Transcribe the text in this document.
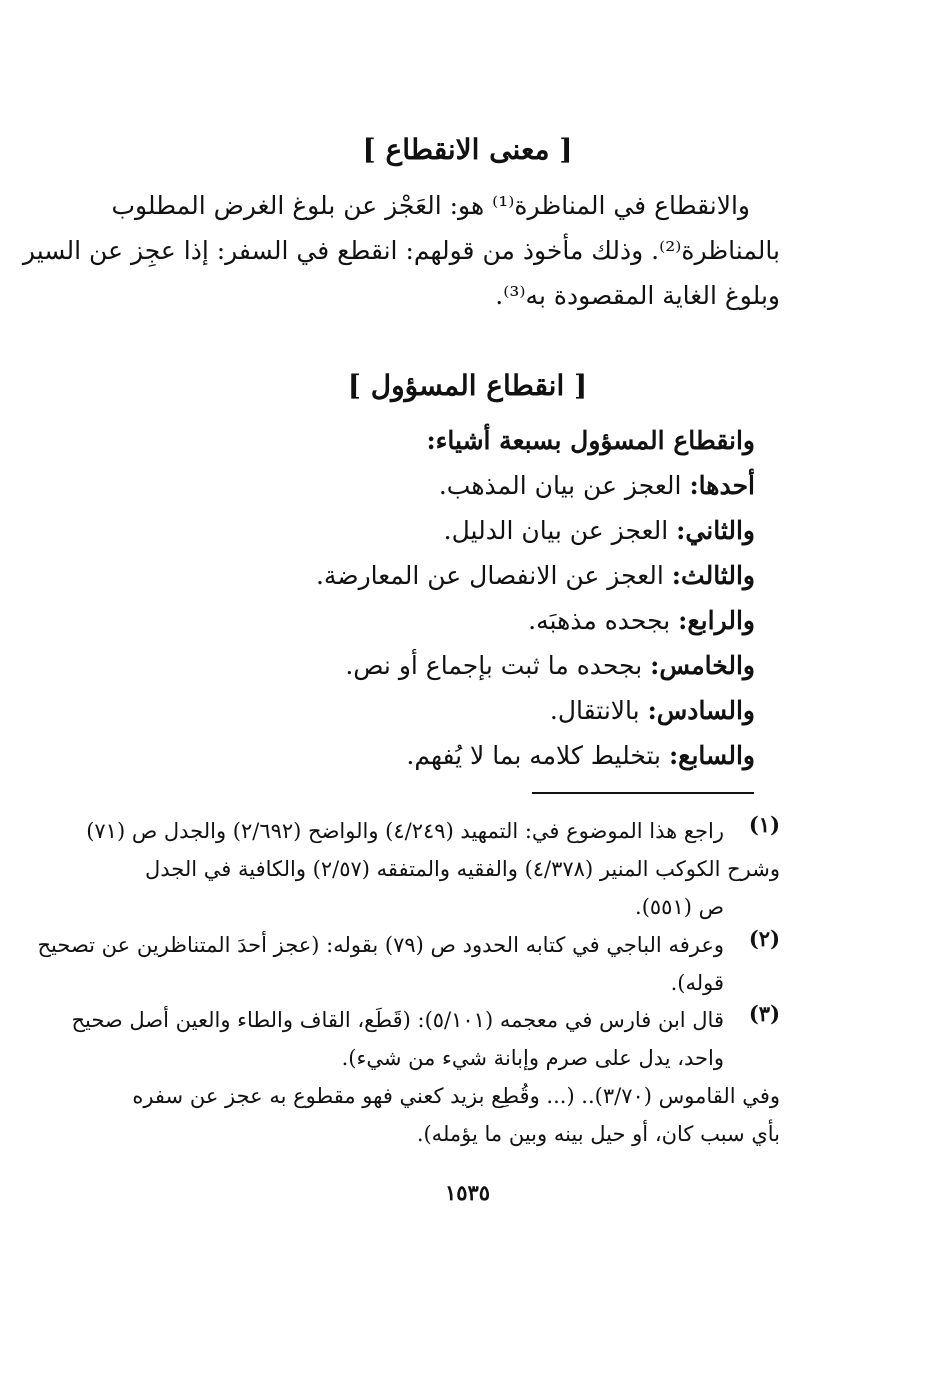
[ معنى الانقطاع ]
والانقطاع في المناظرة⁽¹⁾ هو: العَجْز عن بلوغ الغرض المطلوب
بالمناظرة⁽²⁾. وذلك مأخوذ من قولهم: انقطع في السفر: إذا عجِز عن السير
وبلوغ الغاية المقصودة به⁽³⁾.
[ انقطاع المسؤول ]
وانقطاع المسؤول بسبعة أشياء:
أحدها: العجز عن بيان المذهب.
والثاني: العجز عن بيان الدليل.
والثالث: العجز عن الانفصال عن المعارضة.
والرابع: بجحده مذهبَه.
والخامس: بجحده ما ثبت بإجماع أو نص.
والسادس: بالانتقال.
والسابع: بتخليط كلامه بما لا يُفهم.
(١)
راجع هذا الموضوع في: التمهيد (٤/٢٤٩) والواضح (٢/٦٩٢) والجدل ص (٧١)
وشرح الكوكب المنير (٤/٣٧٨) والفقيه والمتفقه (٢/٥٧) والكافية في الجدل
ص (٥٥١).
(٢)
وعرفه الباجي في كتابه الحدود ص (٧٩) بقوله: (عجز أحدَ المتناظرين عن تصحيح
قوله).
(٣)
قال ابن فارس في معجمه (٥/١٠١): (قَطَع، القاف والطاء والعين أصل صحيح
واحد، يدل على صرم وإبانة شيء من شيء).
وفي القاموس (٣/٧٠).. (... وقُطِع بزيد كعني فهو مقطوع به عجز عن سفره
بأي سبب كان، أو حيل بينه وبين ما يؤمله).
١٥٣٥
